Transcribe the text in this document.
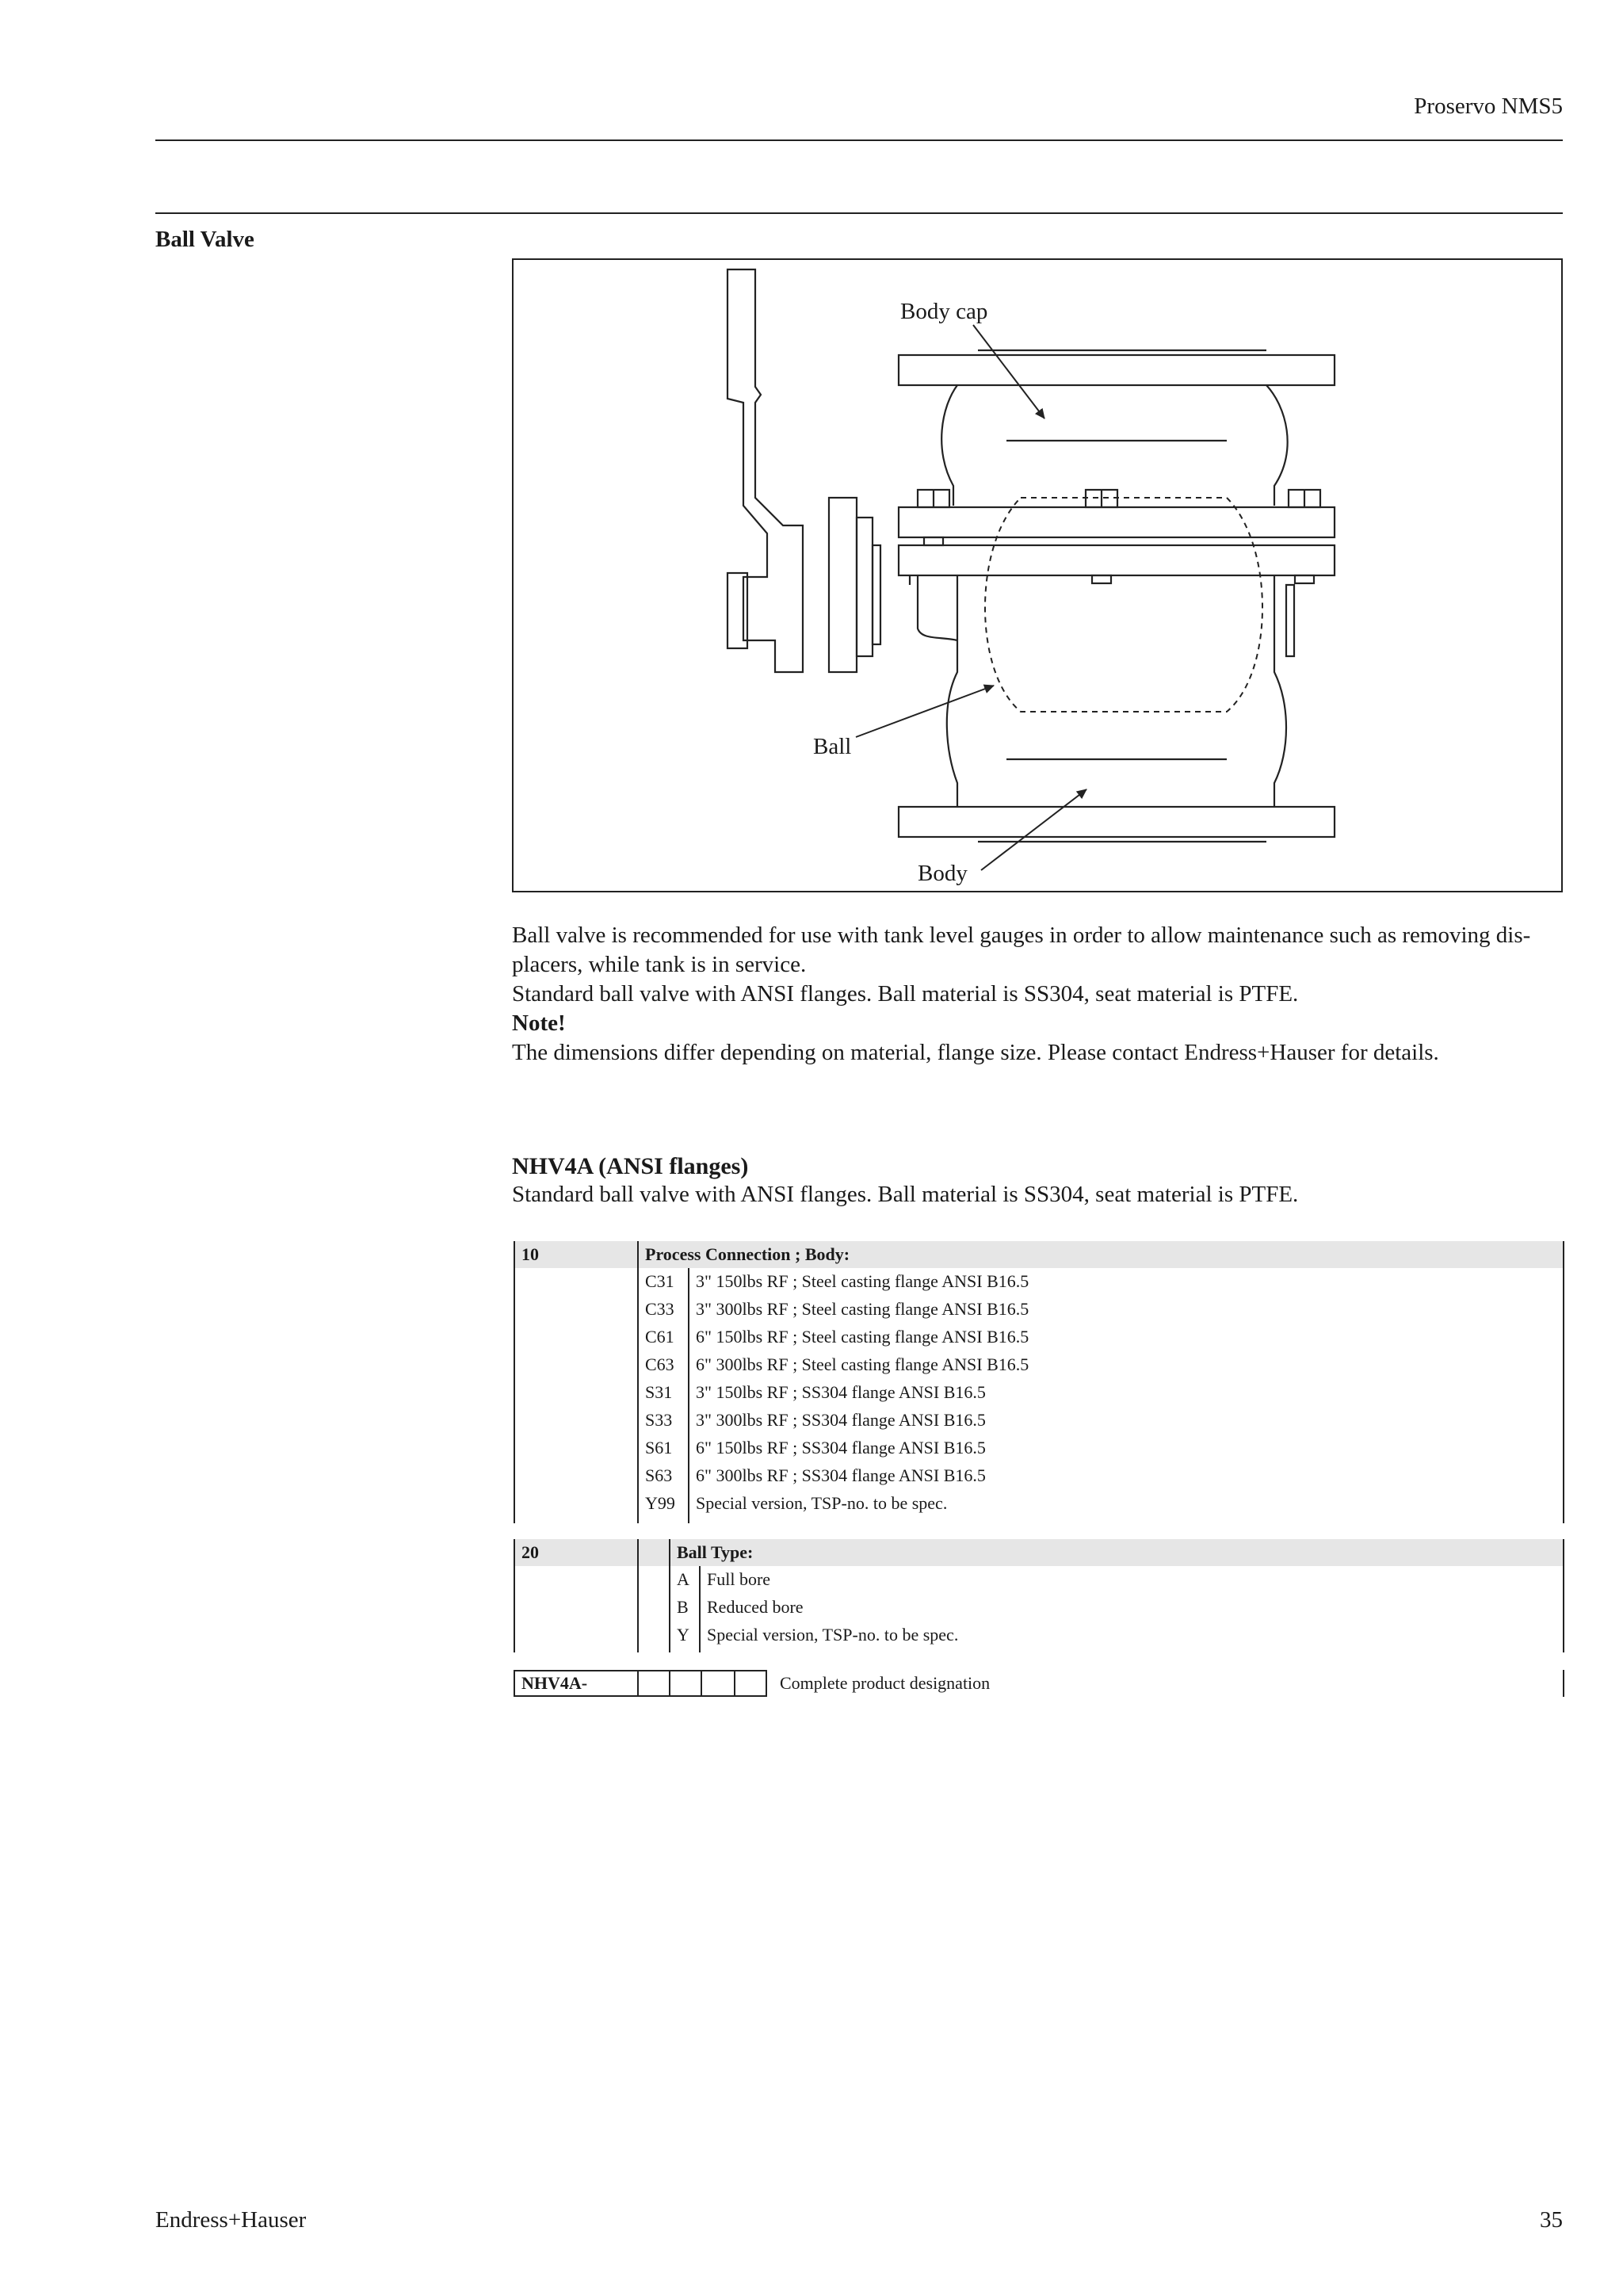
Proservo NMS5
Ball Valve
Body cap
Ball
Body

Ball valve is recommended for use with tank level gauges in order to allow maintenance such as removing dis-

placers, while tank is in service.

Standard ball valve with ANSI flanges. Ball material is SS304, seat material is PTFE.

Note!

The dimensions differ depending on material, flange size. Please contact Endress+Hauser for details.

NHV4A (ANSI flanges)
Standard ball valve with ANSI flanges. Ball material is SS304, seat material is PTFE.
10	Process Connection ; Body:
C31 3" 150lbs RF ; Steel casting flange ANSI B16.5
C33 3" 300lbs RF ; Steel casting flange ANSI B16.5
C61 6" 150lbs RF ; Steel casting flange ANSI B16.5
C63 6" 300lbs RF ; Steel casting flange ANSI B16.5
S31 3" 150lbs RF ; SS304 flange ANSI B16.5
S33 3" 300lbs RF ; SS304 flange ANSI B16.5
S61 6" 150lbs RF ; SS304 flange ANSI B16.5
S63 6" 300lbs RF ; SS304 flange ANSI B16.5
Y99 Special version, TSP-no. to be spec.
20	Ball Type:
A Full bore
B Reduced bore
Y Special version, TSP-no. to be spec.
NHV4A-	Complete product designation
Endress+Hauser	35
